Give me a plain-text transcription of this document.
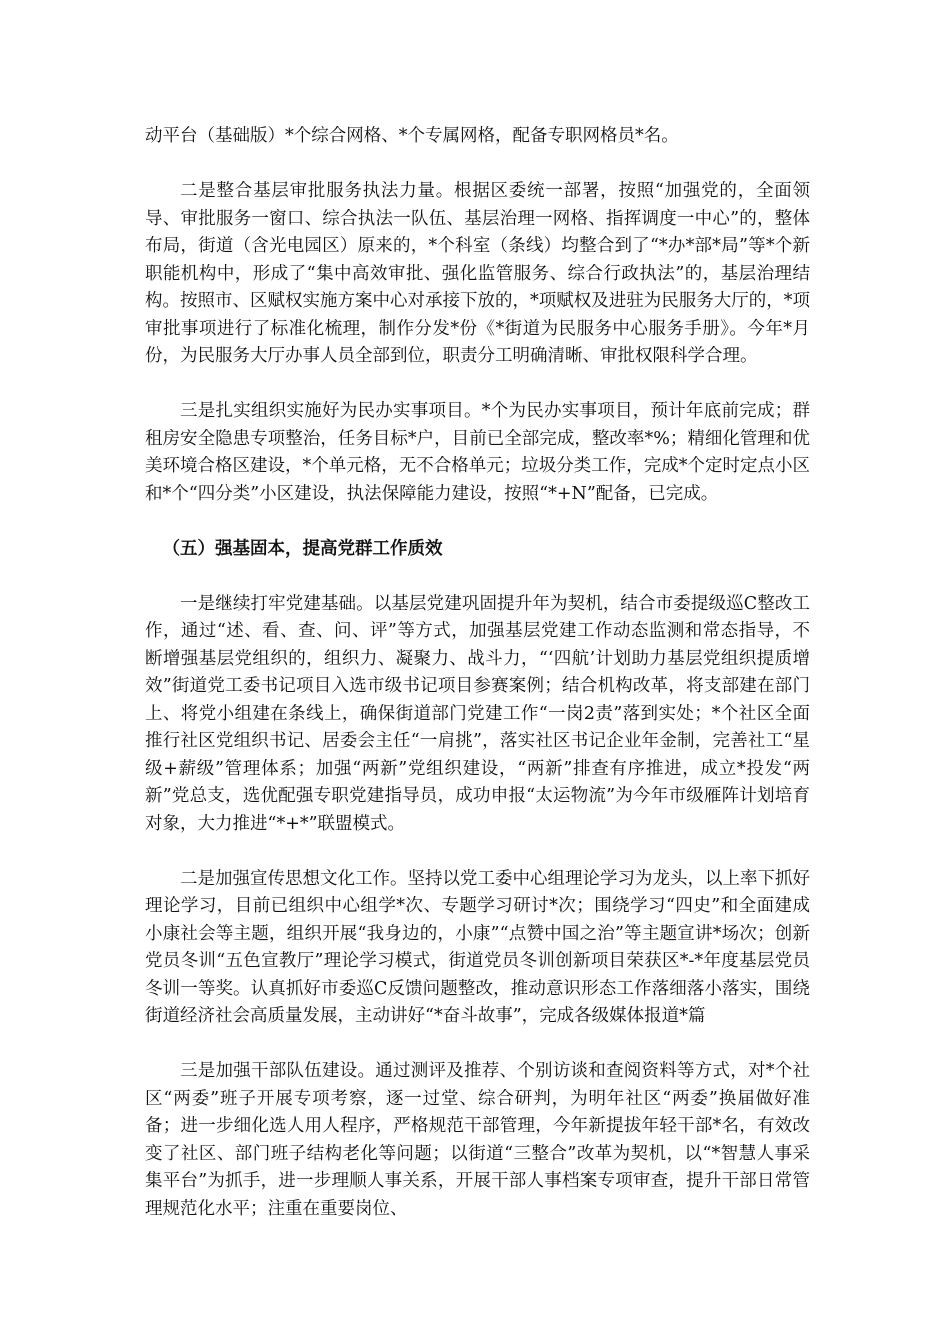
动平台（基础版）*个综合网格、*个专属网格，配备专职网格员*名。

二是整合基层审批服务执法力量。根据区委统一部署，按照“加强党的，全面领导、审批服务一窗口、综合执法一队伍、基层治理一网格、指挥调度一中心”的，整体布局，街道（含光电园区）原来的，*个科室（条线）均整合到了“*办*部*局”等*个新职能机构中，形成了“集中高效审批、强化监管服务、综合行政执法”的，基层治理结构。按照市、区赋权实施方案中心对承接下放的，*项赋权及进驻为民服务大厅的，*项审批事项进行了标准化梳理，制作分发*份《*街道为民服务中心服务手册》。今年*月份，为民服务大厅办事人员全部到位，职责分工明确清晰、审批权限科学合理。

三是扎实组织实施好为民办实事项目。*个为民办实事项目，预计年底前完成；群租房安全隐患专项整治，任务目标*户，目前已全部完成，整改率*%；精细化管理和优美环境合格区建设，*个单元格，无不合格单元；垃圾分类工作，完成*个定时定点小区和*个“四分类”小区建设，执法保障能力建设，按照“*+N”配备，已完成。

（五）强基固本，提高党群工作质效

一是继续打牢党建基础。以基层党建巩固提升年为契机，结合市委提级巡C整改工作，通过“述、看、查、问、评”等方式，加强基层党建工作动态监测和常态指导，不断增强基层党组织的，组织力、凝聚力、战斗力，“‘四航’计划助力基层党组织提质增效”街道党工委书记项目入选市级书记项目参赛案例；结合机构改革，将支部建在部门上、将党小组建在条线上，确保街道部门党建工作“一岗2责”落到实处；*个社区全面推行社区党组织书记、居委会主任“一肩挑”，落实社区书记企业年金制，完善社工“星级+薪级”管理体系；加强“两新”党组织建设，“两新”排查有序推进，成立*投发“两新”党总支，选优配强专职党建指导员，成功申报“太运物流”为今年市级雁阵计划培育对象，大力推进“*+*”联盟模式。

二是加强宣传思想文化工作。坚持以党工委中心组理论学习为龙头，以上率下抓好理论学习，目前已组织中心组学*次、专题学习研讨*次；围绕学习“四史”和全面建成小康社会等主题，组织开展“我身边的，小康”“点赞中国之治”等主题宣讲*场次；创新党员冬训“五色宣教厅”理论学习模式，街道党员冬训创新项目荣获区*-*年度基层党员冬训一等奖。认真抓好市委巡C反馈问题整改，推动意识形态工作落细落小落实，围绕街道经济社会高质量发展，主动讲好“*奋斗故事”，完成各级媒体报道*篇

三是加强干部队伍建设。通过测评及推荐、个别访谈和查阅资料等方式，对*个社区“两委”班子开展专项考察，逐一过堂、综合研判，为明年社区“两委”换届做好准备；进一步细化选人用人程序，严格规范干部管理，今年新提拔年轻干部*名，有效改变了社区、部门班子结构老化等问题；以街道“三整合”改革为契机，以“*智慧人事采集平台”为抓手，进一步理顺人事关系，开展干部人事档案专项审查，提升干部日常管理规范化水平；注重在重要岗位、
